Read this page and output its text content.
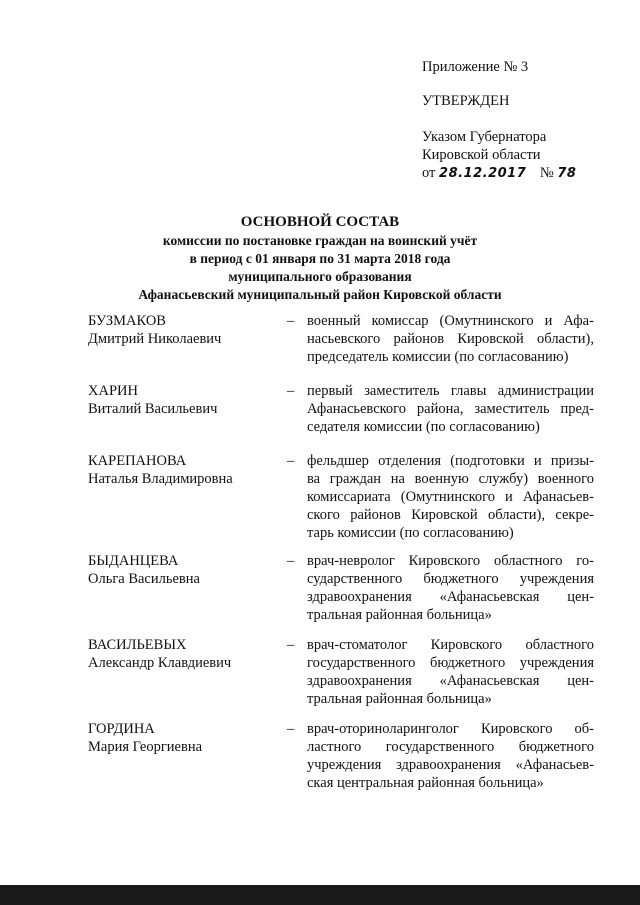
Приложение № 3
УТВЕРЖДЕН
Указом Губернатора
Кировской области
от 28.12.2017 № 78
ОСНОВНОЙ СОСТАВ
комиссии по постановке граждан на воинский учёт
в период с 01 января по 31 марта 2018 года
муниципального образования
Афанасьевский муниципальный район Кировской области
БУЗМАКОВ
Дмитрий Николаевич
– военный комиссар (Омутнинского и Афа-
насьевского районов Кировской области),
председатель комиссии (по согласованию)
ХАРИН
Виталий Васильевич
– первый заместитель главы администрации
Афанасьевского района, заместитель пред-
седателя комиссии (по согласованию)
КАРЕПАНОВА
Наталья Владимировна
– фельдшер отделения (подготовки и призы-
ва граждан на военную службу) военного
комиссариата (Омутнинского и Афанасьев-
ского районов Кировской области), секре-
тарь комиссии (по согласованию)
БЫДАНЦЕВА
Ольга Васильевна
– врач-невролог Кировского областного го-
сударственного бюджетного учреждения
здравоохранения «Афанасьевская цен-
тральная районная больница»
ВАСИЛЬЕВЫХ
Александр Клавдиевич
– врач-стоматолог Кировского областного
государственного бюджетного учреждения
здравоохранения «Афанасьевская цен-
тральная районная больница»
ГОРДИНА
Мария Георгиевна
– врач-оториноларинголог Кировского об-
ластного государственного бюджетного
учреждения здравоохранения «Афанасьев-
ская центральная районная больница»
